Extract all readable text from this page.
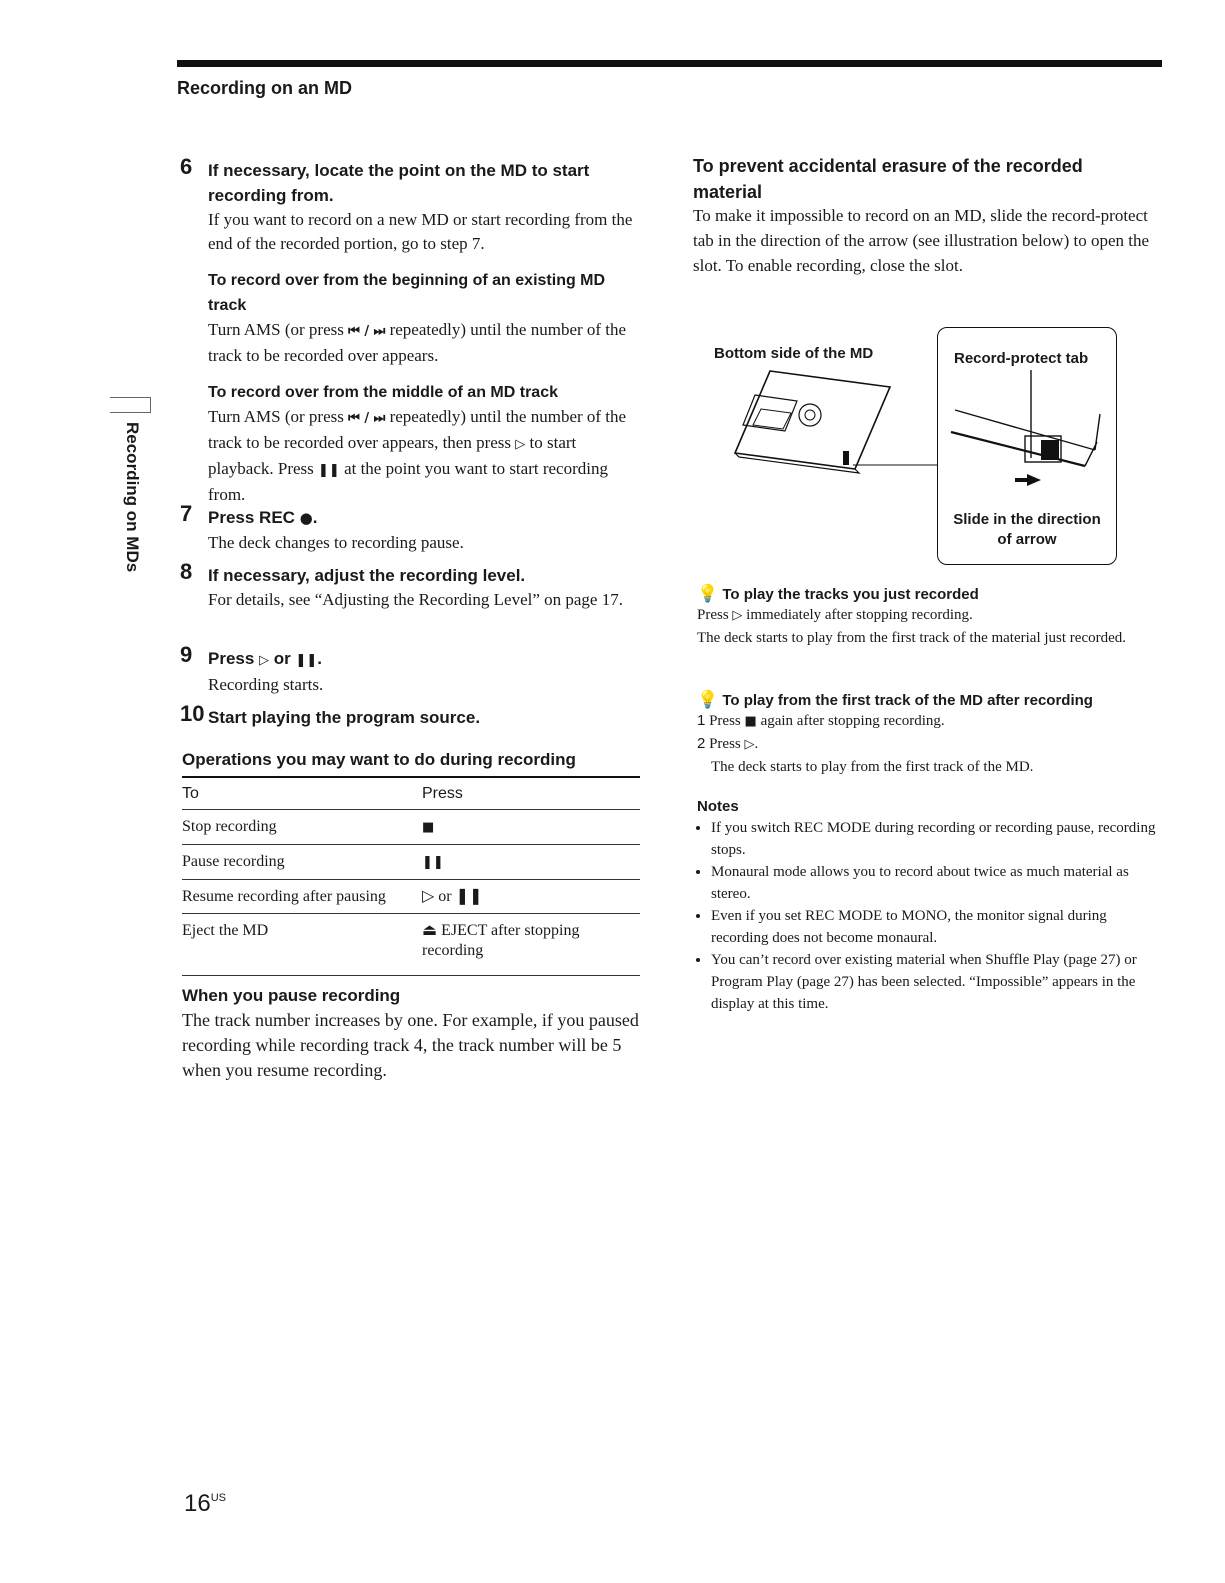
Recording on an MD
Recording on MDs
6 If necessary, locate the point on the MD to start recording from.
If you want to record on a new MD or start recording from the end of the recorded portion, go to step 7.
To record over from the beginning of an existing MD track
Turn AMS (or press ⏮ / ⏭ repeatedly) until the number of the track to be recorded over appears.
To record over from the middle of an MD track
Turn AMS (or press ⏮ / ⏭ repeatedly) until the number of the track to be recorded over appears, then press ▷ to start playback. Press ❚❚ at the point you want to start recording from.
7 Press REC ●.
The deck changes to recording pause.
8 If necessary, adjust the recording level.
For details, see “Adjusting the Recording Level” on page 17.
9 Press ▷ or ❚❚.
Recording starts.
10 Start playing the program source.
Operations you may want to do during recording
To	Press
Stop recording	■
Pause recording	❚❚
Resume recording after pausing	▷ or ❚❚
Eject the MD	⏏ EJECT after stopping recording
When you pause recording
The track number increases by one. For example, if you paused recording while recording track 4, the track number will be 5 when you resume recording.
To prevent accidental erasure of the recorded material
To make it impossible to record on an MD, slide the record-protect tab in the direction of the arrow (see illustration below) to open the slot. To enable recording, close the slot.
Bottom side of the MD	Record-protect tab
Slide in the direction
of arrow
💡 To play the tracks you just recorded
Press ▷ immediately after stopping recording.
The deck starts to play from the first track of the material just recorded.
💡 To play from the first track of the MD after recording
1 Press ■ again after stopping recording.
2 Press ▷.
The deck starts to play from the first track of the MD.
Notes
• If you switch REC MODE during recording or recording pause, recording stops.
• Monaural mode allows you to record about twice as much material as stereo.
• Even if you set REC MODE to MONO, the monitor signal during recording does not become monaural.
• You can’t record over existing material when Shuffle Play (page 27) or Program Play (page 27) has been selected. “Impossible” appears in the display at this time.
$16^{US}$
